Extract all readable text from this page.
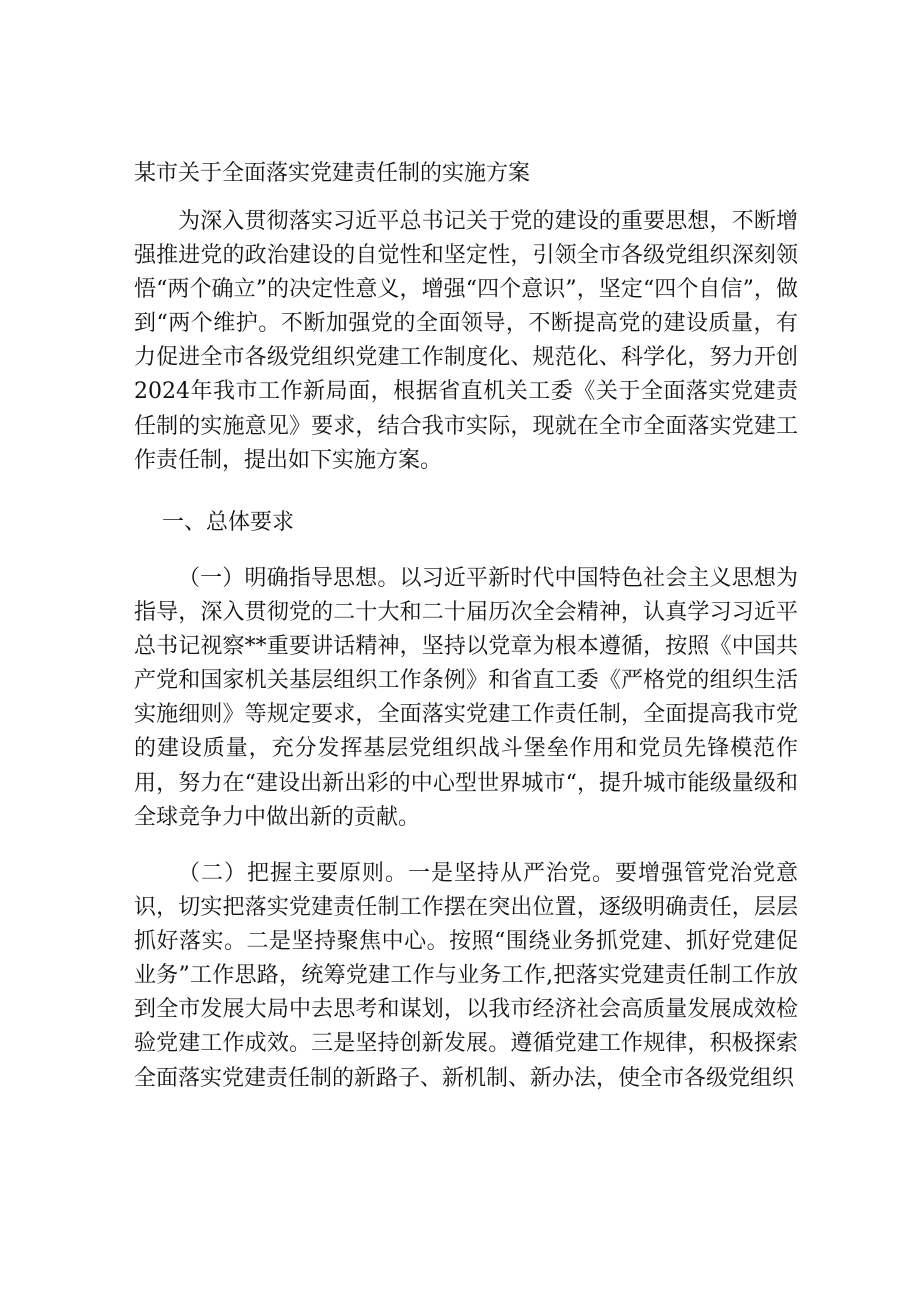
某市关于全面落实党建责任制的实施方案

为深入贯彻落实习近平总书记关于党的建设的重要思想，不断增强推进党的政治建设的自觉性和坚定性，引领全市各级党组织深刻领悟“两个确立”的决定性意义，增强“四个意识”，坚定“四个自信”，做到“两个维护。不断加强党的全面领导，不断提高党的建设质量，有力促进全市各级党组织党建工作制度化、规范化、科学化，努力开创2024年我市工作新局面，根据省直机关工委《关于全面落实党建责任制的实施意见》要求，结合我市实际，现就在全市全面落实党建工作责任制，提出如下实施方案。

一、总体要求

（一）明确指导思想。以习近平新时代中国特色社会主义思想为指导，深入贯彻党的二十大和二十届历次全会精神，认真学习习近平总书记视察**重要讲话精神，坚持以党章为根本遵循，按照《中国共产党和国家机关基层组织工作条例》和省直工委《严格党的组织生活实施细则》等规定要求，全面落实党建工作责任制，全面提高我市党的建设质量，充分发挥基层党组织战斗堡垒作用和党员先锋模范作用，努力在“建设出新出彩的中心型世界城市“，提升城市能级量级和全球竞争力中做出新的贡献。

（二）把握主要原则。一是坚持从严治党。要增强管党治党意识，切实把落实党建责任制工作摆在突出位置，逐级明确责任，层层抓好落实。二是坚持聚焦中心。按照“围绕业务抓党建、抓好党建促业务”工作思路，统筹党建工作与业务工作,把落实党建责任制工作放到全市发展大局中去思考和谋划，以我市经济社会高质量发展成效检验党建工作成效。三是坚持创新发展。遵循党建工作规律，积极探索全面落实党建责任制的新路子、新机制、新办法，使全市各级党组织
